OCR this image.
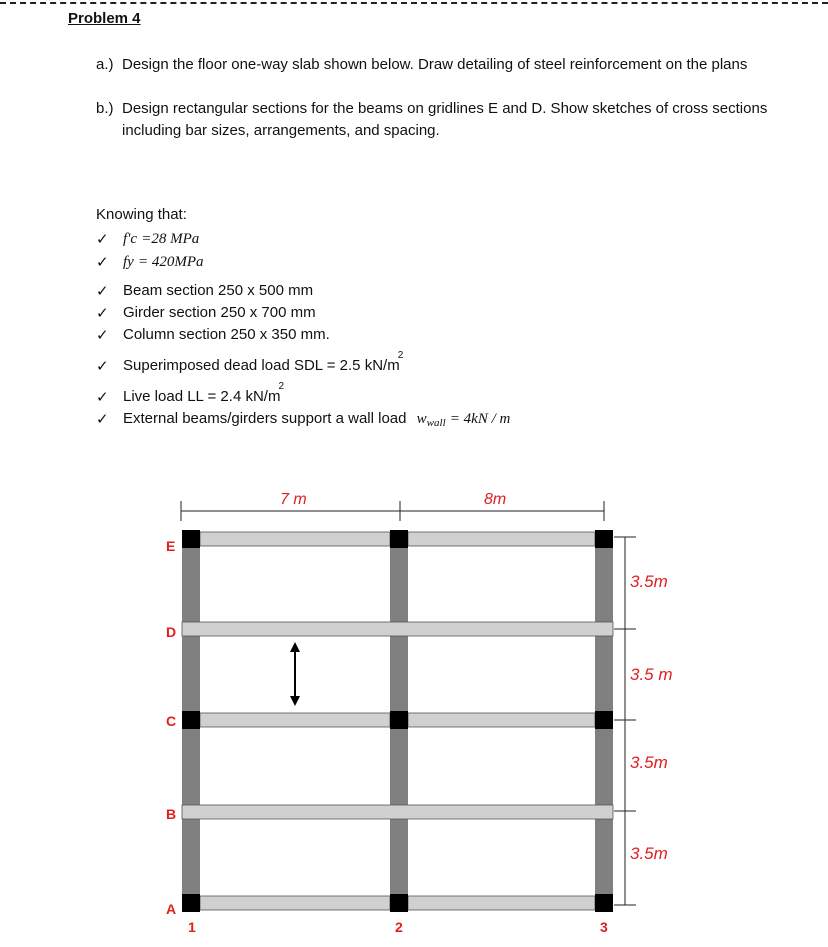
Problem 4
a.) Design the floor one-way slab shown below. Draw detailing of steel reinforcement on the plans
b.) Design rectangular sections for the beams on gridlines E and D. Show sketches of cross sections including bar sizes, arrangements, and spacing.
Knowing that:
✓ f'c =28 MPa
✓ fy = 420MPa
✓ Beam section 250 x 500 mm
✓ Girder section 250 x 700 mm
✓ Column section 250 x 350 mm.
✓ Superimposed dead load SDL = 2.5 $kN/m^2$
✓ Live load LL = 2.4 $kN/m^2$
✓ External beams/girders support a wall load $w_{wall} = 4kN / m$
7 m	8m
3.5m
3.5 m
3.5m
3.5m
E
D
C
B
A
1	2	3
